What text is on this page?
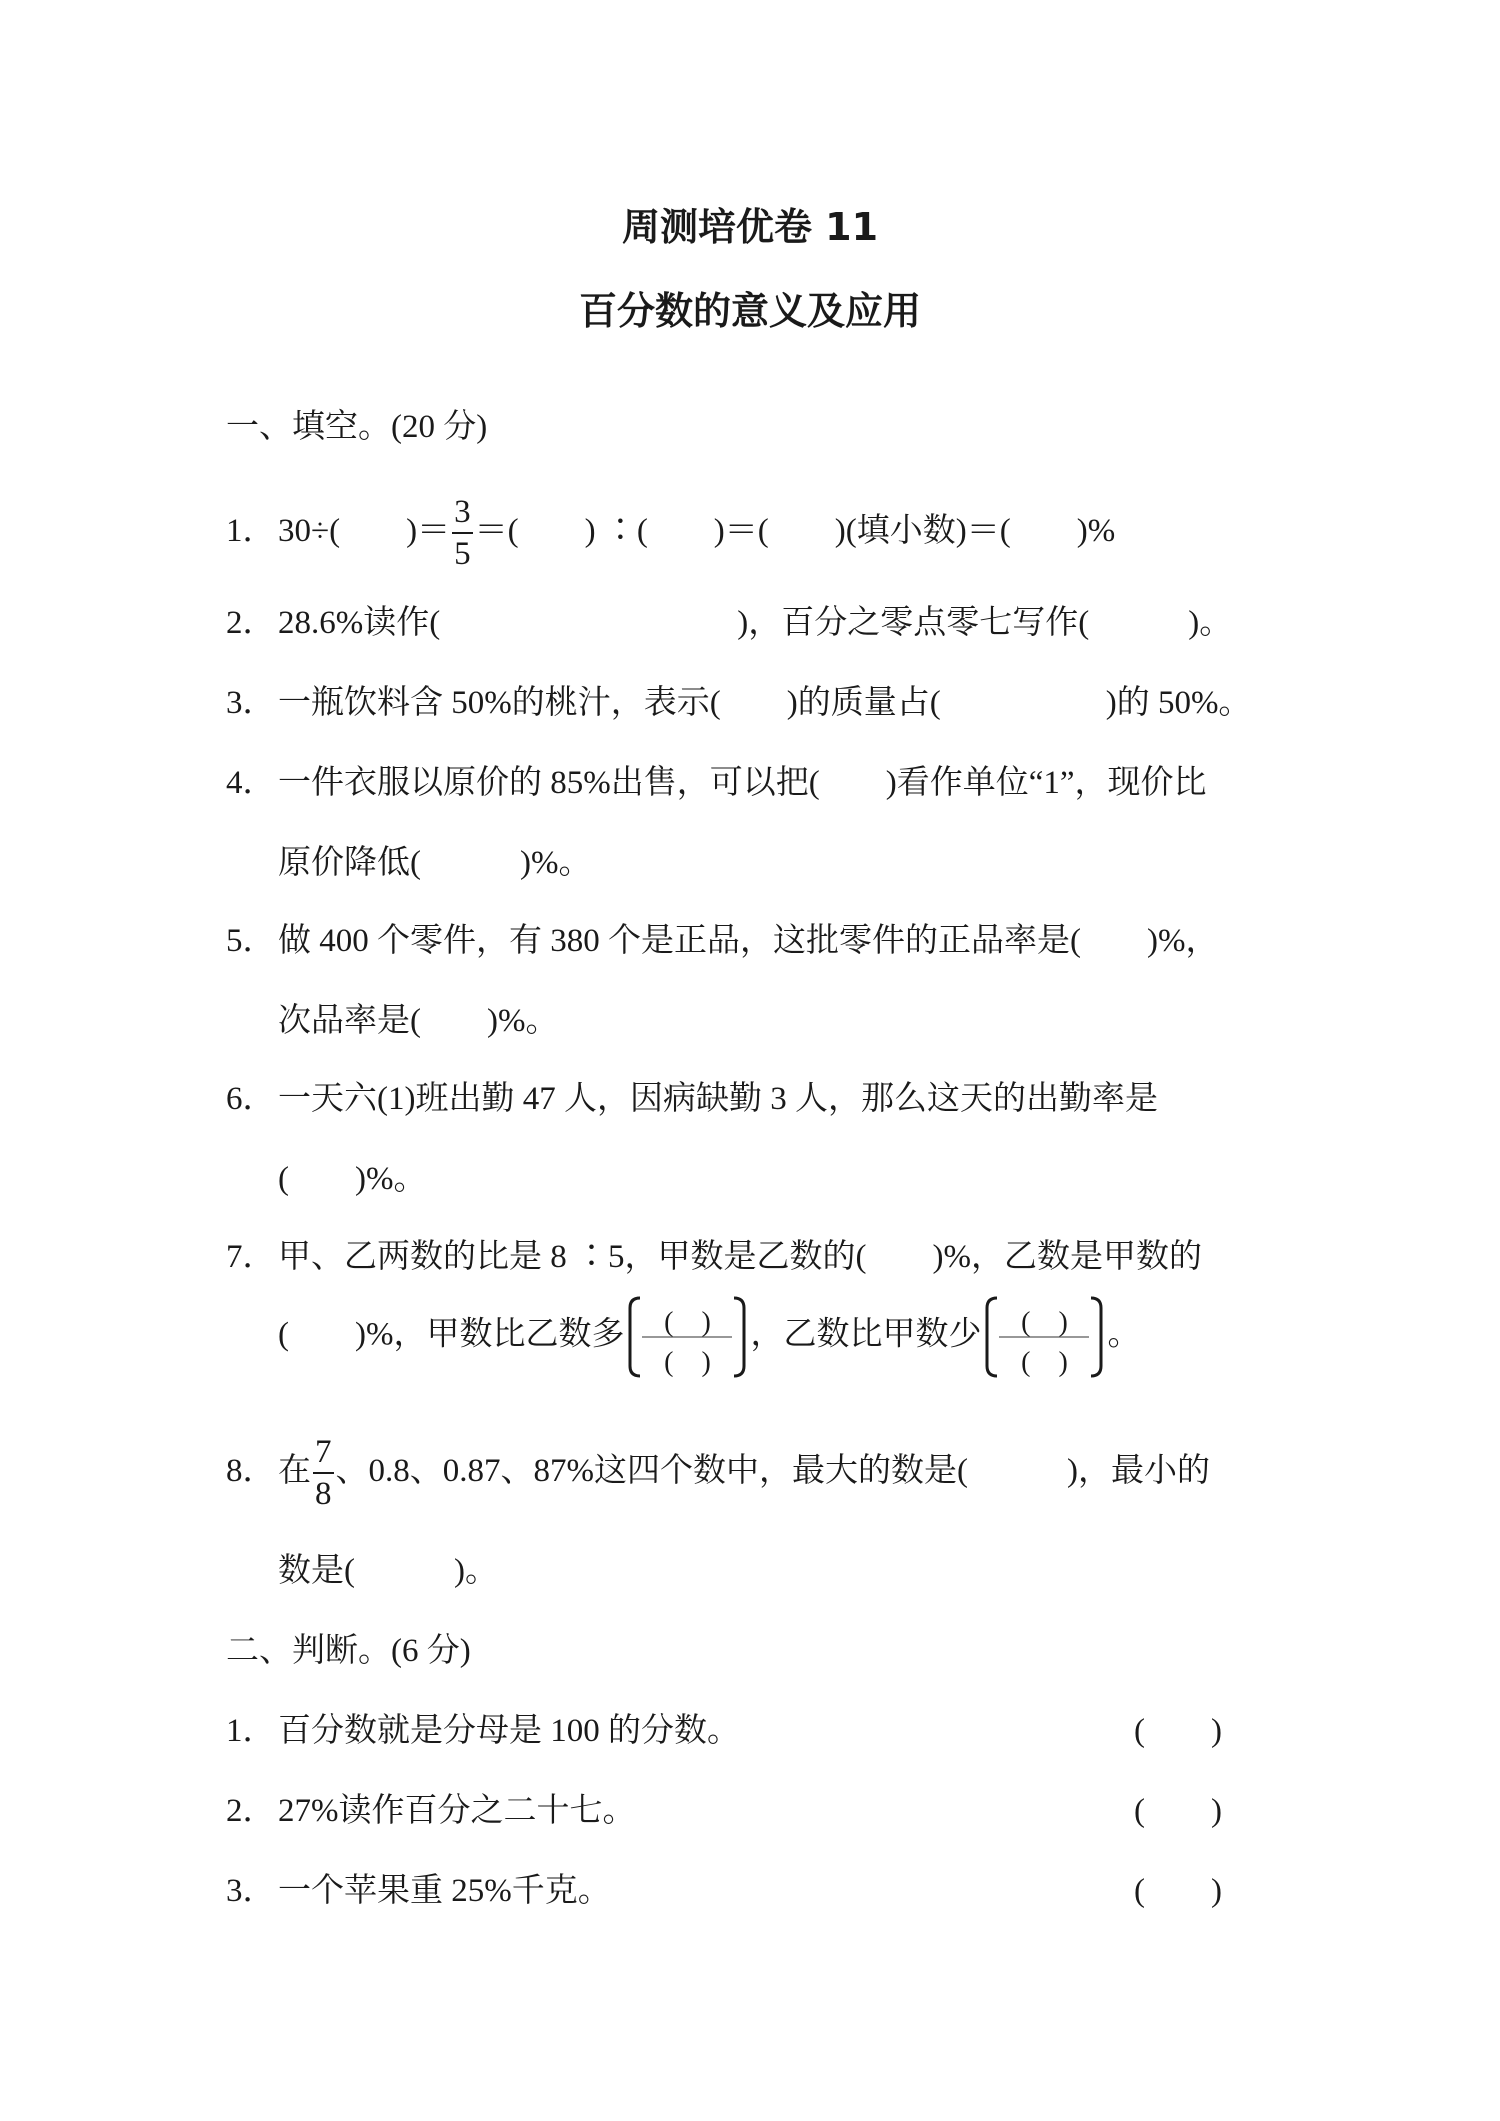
周测培优卷 11
百分数的意义及应用
一、填空。(20 分)
1．30÷(　　)＝ $\frac{3}{5}$ ＝(　　) ∶(　　)＝(　　)(填小数)＝(　　)%
2．28.6%读作(　　　　　　　　　)，百分之零点零七写作(　　　)。
3．一瓶饮料含 50%的桃汁，表示(　　)的质量占(　　　　　)的 50%。
4．一件衣服以原价的 85%出售，可以把(　　)看作单位“1”，现价比
原价降低(　　　)%。
5．做 400 个零件，有 380 个是正品，这批零件的正品率是(　　)%，
次品率是(　　)%。
6．一天六(1)班出勤 47 人，因病缺勤 3 人，那么这天的出勤率是
(　　)%。
7．甲、乙两数的比是 8 ∶5，甲数是乙数的(　　)%，乙数是甲数的
(　　)%，甲数比乙数多	(　)
(　)
，乙数比甲数少	(　)
(　)
。
8．在 $\frac{7}{8}$ 、0.8、0.87、87%这四个数中，最大的数是(　　　)，最小的
数是(　　　)。
二、判断。(6 分)
1．百分数就是分母是 100 的分数。	(　　)
2．27%读作百分之二十七。	(　　)
3．一个苹果重 25%千克。	(　　)
